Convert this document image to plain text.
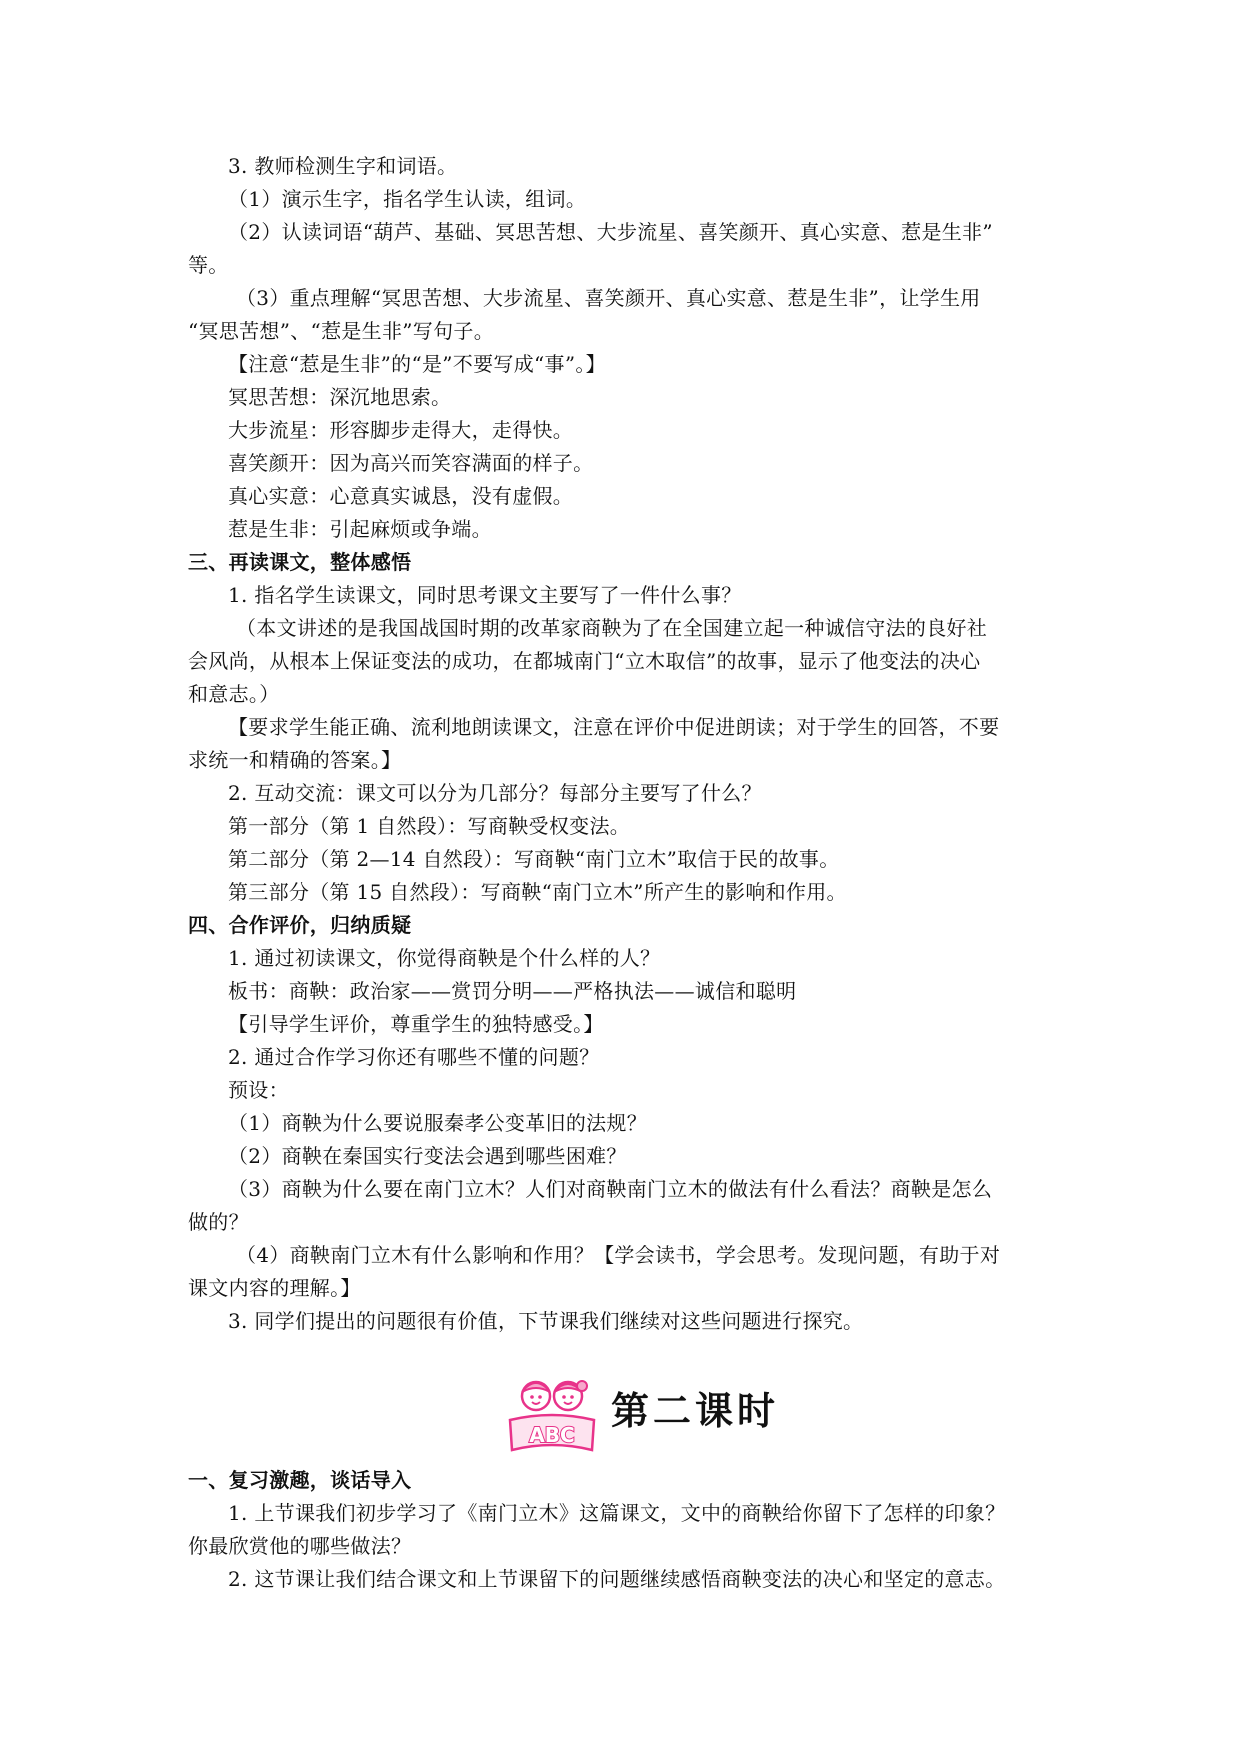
3. 教师检测生字和词语。
（1）演示生字，指名学生认读，组词。
（2）认读词语“葫芦、基础、冥思苦想、大步流星、喜笑颜开、真心实意、惹是生非”
等。
（3）重点理解“冥思苦想、大步流星、喜笑颜开、真心实意、惹是生非”，让学生用
“冥思苦想”、“惹是生非”写句子。
【注意“惹是生非”的“是”不要写成“事”。】
冥思苦想：深沉地思索。
大步流星：形容脚步走得大，走得快。
喜笑颜开：因为高兴而笑容满面的样子。
真心实意：心意真实诚恳，没有虚假。
惹是生非：引起麻烦或争端。
三、再读课文，整体感悟
1. 指名学生读课文，同时思考课文主要写了一件什么事？
（本文讲述的是我国战国时期的改革家商鞅为了在全国建立起一种诚信守法的良好社
会风尚，从根本上保证变法的成功，在都城南门“立木取信”的故事，显示了他变法的决心
和意志。）
【要求学生能正确、流利地朗读课文，注意在评价中促进朗读；对于学生的回答，不要
求统一和精确的答案。】
2. 互动交流：课文可以分为几部分？每部分主要写了什么？
第一部分（第 1 自然段）：写商鞅受权变法。
第二部分（第 2—14 自然段）：写商鞅“南门立木”取信于民的故事。
第三部分（第 15 自然段）：写商鞅“南门立木”所产生的影响和作用。
四、合作评价，归纳质疑
1. 通过初读课文，你觉得商鞅是个什么样的人？
板书：商鞅：政治家——赏罚分明——严格执法——诚信和聪明
【引导学生评价，尊重学生的独特感受。】
2. 通过合作学习你还有哪些不懂的问题？
预设：
（1）商鞅为什么要说服秦孝公变革旧的法规？
（2）商鞅在秦国实行变法会遇到哪些困难？
（3）商鞅为什么要在南门立木？人们对商鞅南门立木的做法有什么看法？商鞅是怎么
做的？
（4）商鞅南门立木有什么影响和作用？【学会读书，学会思考。发现问题，有助于对
课文内容的理解。】
3. 同学们提出的问题很有价值，下节课我们继续对这些问题进行探究。
ABC
第二课时
一、复习激趣，谈话导入
1. 上节课我们初步学习了《南门立木》这篇课文，文中的商鞅给你留下了怎样的印象？
你最欣赏他的哪些做法？
2. 这节课让我们结合课文和上节课留下的问题继续感悟商鞅变法的决心和坚定的意志。
